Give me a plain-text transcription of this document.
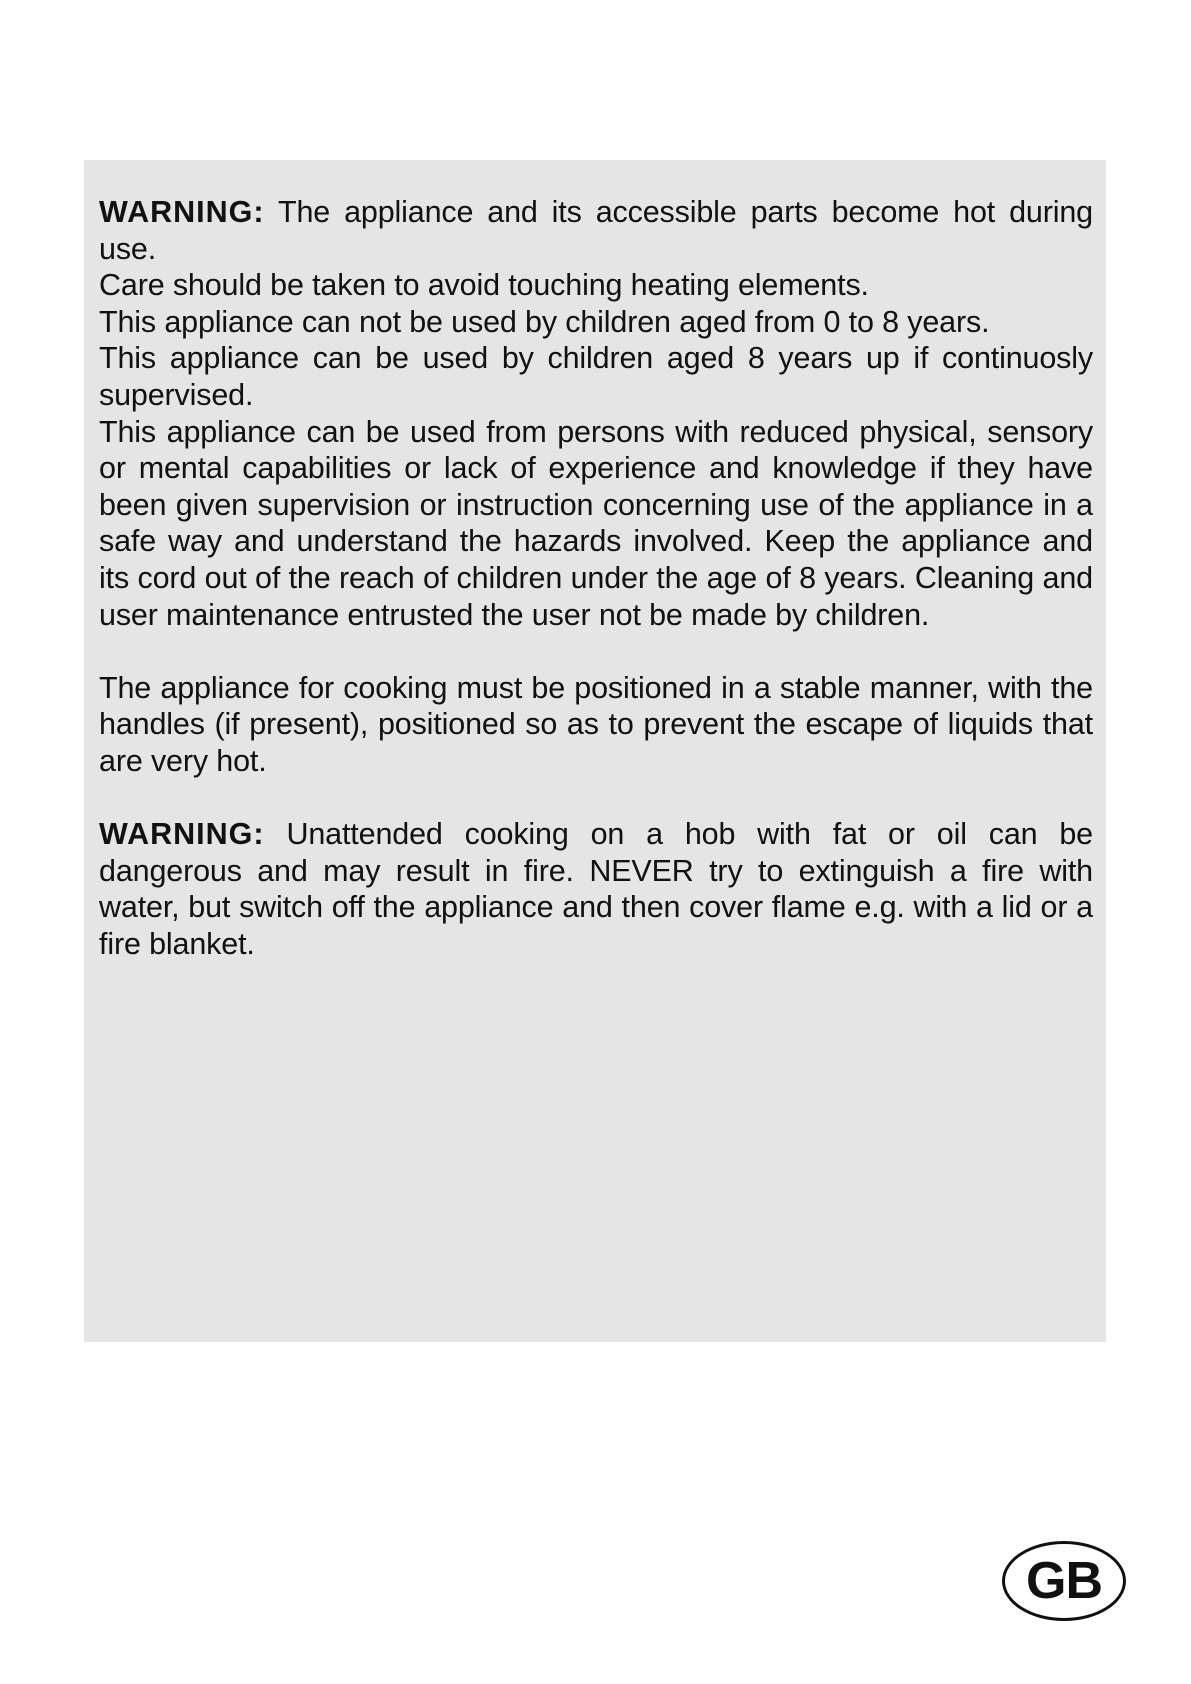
WARNING: The appliance and its accessible parts become hot during use.

Care should be taken to avoid touching heating elements.

This appliance can not be used by children aged from 0 to 8 years.

This appliance can be used by children aged 8 years up if continuosly supervised.

This appliance can be used from persons with reduced physical, sensory or mental capabilities or lack of experience and knowledge if they have been given supervision or instruction concerning use of the appliance in a safe way and understand the hazards involved. Keep the appliance and its cord out of the reach of children under the age of 8 years. Cleaning and user maintenance entrusted the user not be made by children.

The appliance for cooking must be positioned in a stable manner, with the handles (if present), positioned so as to prevent the escape of liquids that are very hot.

WARNING: Unattended cooking on a hob with fat or oil can be dangerous and may result in fire. NEVER try to extinguish a fire with water, but switch off the appliance and then cover flame e.g. with a lid or a fire blanket.

GB
